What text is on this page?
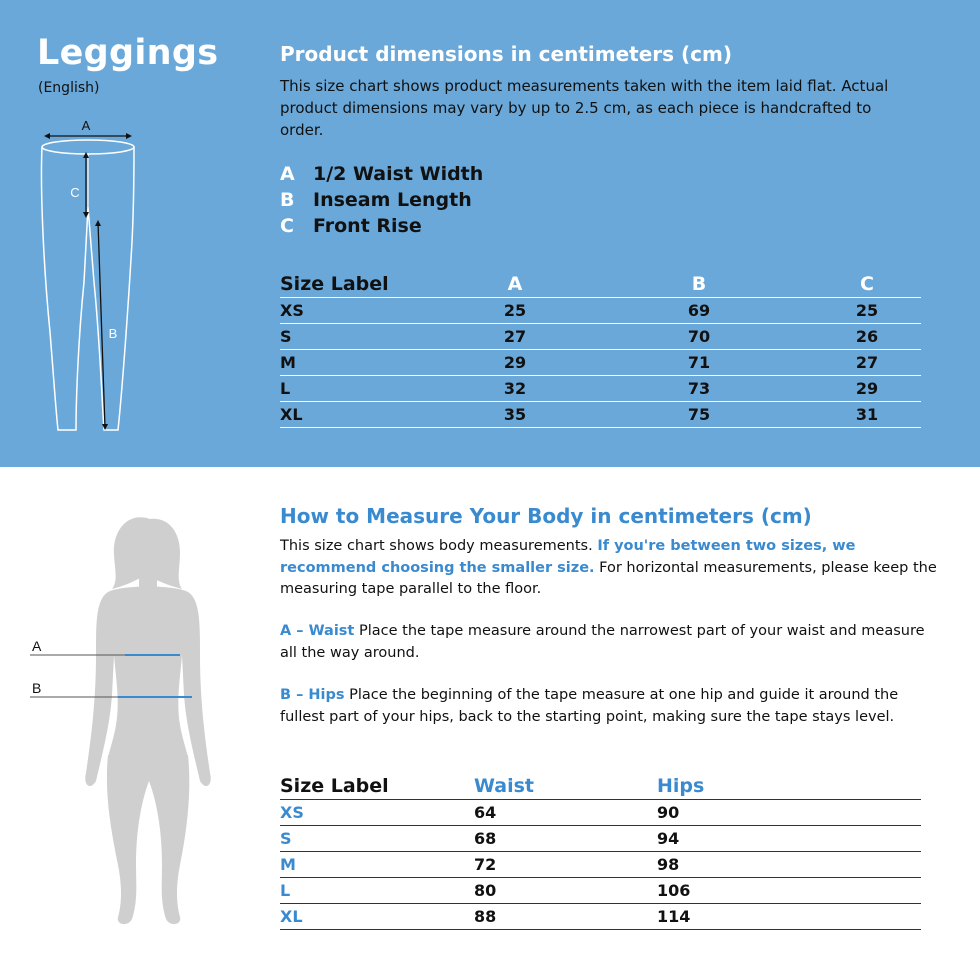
Leggings
(English)
A
C
B
Product dimensions in centimeters (cm)

This size chart shows product measurements taken with the item laid flat. Actual product dimensions may vary by up to 2.5 cm, as each piece is handcrafted to order.

A 1/2 Waist Width
B Inseam Length
C	Front Rise
Size Label	A	B	C
XS	25	69	25
S	27	70	26
M	29	71	27
L	32	73	29
XL	35	75	31
A
B
How to Measure Your Body in centimeters (cm)

This size chart shows body measurements. If you're between two sizes, we recommend choosing the smaller size. For horizontal measurements, please keep the measuring tape parallel to the floor.

A – Waist Place the tape measure around the narrowest part of your waist and measure all the way around.

B – Hips Place the beginning of the tape measure at one hip and guide it around the fullest part of your hips, back to the starting point, making sure the tape stays level.

Size Label	Waist	Hips
XS	64	90
S	68	94
M	72	98
L	80	106
XL	88	114
